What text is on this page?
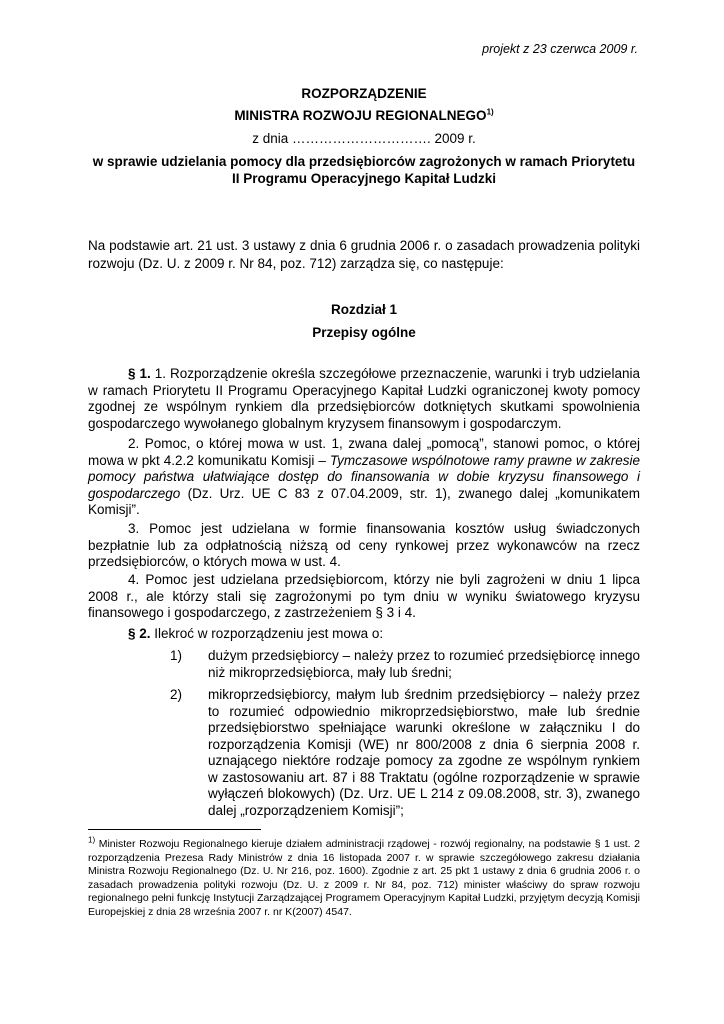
projekt z 23 czerwca 2009 r.
ROZPORZĄDZENIE
MINISTRA ROZWOJU REGIONALNEGO$^{1)}$
z dnia …………………………. 2009 r.
w sprawie udzielania pomocy dla przedsiębiorców zagrożonych w ramach Priorytetu II Programu Operacyjnego Kapitał Ludzki
Na podstawie art. 21 ust. 3 ustawy z dnia 6 grudnia 2006 r. o zasadach prowadzenia polityki rozwoju (Dz. U. z 2009 r. Nr 84, poz. 712) zarządza się, co następuje:
Rozdział 1
Przepisy ogólne
§ 1. 1. Rozporządzenie określa szczegółowe przeznaczenie, warunki i tryb udzielania w ramach Priorytetu II Programu Operacyjnego Kapitał Ludzki ograniczonej kwoty pomocy zgodnej ze wspólnym rynkiem dla przedsiębiorców dotkniętych skutkami spowolnienia gospodarczego wywołanego globalnym kryzysem finansowym i gospodarczym.
2. Pomoc, o której mowa w ust. 1, zwana dalej „pomocą”, stanowi pomoc, o której mowa w pkt 4.2.2 komunikatu Komisji – Tymczasowe wspólnotowe ramy prawne w zakresie pomocy państwa ułatwiające dostęp do finansowania w dobie kryzysu finansowego i gospodarczego (Dz. Urz. UE C 83 z 07.04.2009, str. 1), zwanego dalej „komunikatem Komisji”.
3. Pomoc jest udzielana w formie finansowania kosztów usług świadczonych bezpłatnie lub za odpłatnością niższą od ceny rynkowej przez wykonawców na rzecz przedsiębiorców, o których mowa w ust. 4.
4. Pomoc jest udzielana przedsiębiorcom, którzy nie byli zagrożeni w dniu 1 lipca 2008 r., ale którzy stali się zagrożonymi po tym dniu w wyniku światowego kryzysu finansowego i gospodarczego, z zastrzeżeniem § 3 i 4.
§ 2. Ilekroć w rozporządzeniu jest mowa o:
1) dużym przedsiębiorcy – należy przez to rozumieć przedsiębiorcę innego niż mikroprzedsiębiorca, mały lub średni;
2) mikroprzedsiębiorcy, małym lub średnim przedsiębiorcy – należy przez to rozumieć odpowiednio mikroprzedsiębiorstwo, małe lub średnie przedsiębiorstwo spełniające warunki określone w załączniku I do rozporządzenia Komisji (WE) nr 800/2008 z dnia 6 sierpnia 2008 r. uznającego niektóre rodzaje pomocy za zgodne ze wspólnym rynkiem w zastosowaniu art. 87 i 88 Traktatu (ogólne rozporządzenie w sprawie wyłączeń blokowych) (Dz. Urz. UE L 214 z 09.08.2008, str. 3), zwanego dalej „rozporządzeniem Komisji”;
$^{1)}$ Minister Rozwoju Regionalnego kieruje działem administracji rządowej - rozwój regionalny, na podstawie § 1 ust. 2 rozporządzenia Prezesa Rady Ministrów z dnia 16 listopada 2007 r. w sprawie szczegółowego zakresu działania Ministra Rozwoju Regionalnego (Dz. U. Nr 216, poz. 1600). Zgodnie z art. 25 pkt 1 ustawy z dnia 6 grudnia 2006 r. o zasadach prowadzenia polityki rozwoju (Dz. U. z 2009 r. Nr 84, poz. 712) minister właściwy do spraw rozwoju regionalnego pełni funkcję Instytucji Zarządzającej Programem Operacyjnym Kapitał Ludzki, przyjętym decyzją Komisji Europejskiej z dnia 28 września 2007 r. nr K(2007) 4547.
